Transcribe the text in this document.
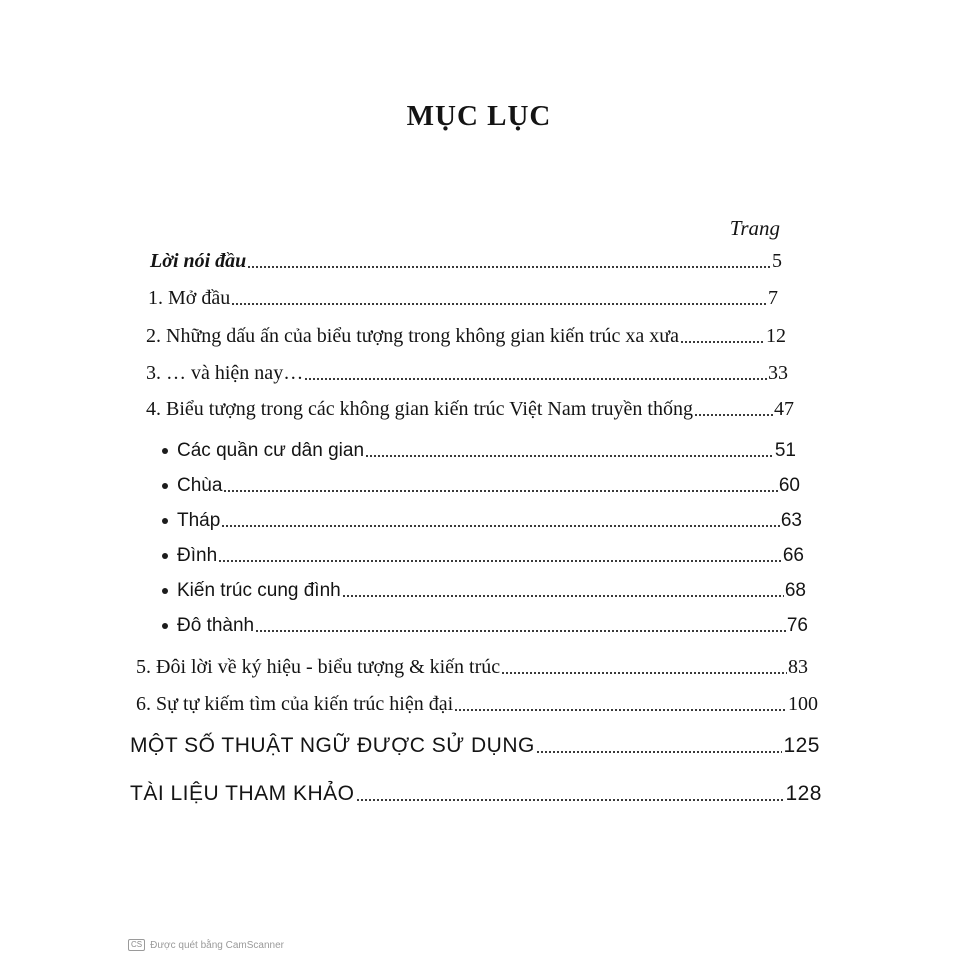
MỤC LỤC
Trang
Lời nói đầu	5
1. Mở đầu	7
2. Những dấu ấn của biểu tượng trong không gian kiến trúc xa xưa	12
3. … và hiện nay…	33
4. Biểu tượng trong các không gian kiến trúc Việt Nam truyền thống	47
Các quần cư dân gian	51
Chùa	60
Tháp	63
Đình	66
Kiến trúc cung đình	68
Đô thành	76
5. Đôi lời về ký hiệu - biểu tượng & kiến trúc	83
6. Sự tự kiếm tìm của kiến trúc hiện đại	100
MỘT SỐ THUẬT NGỮ ĐƯỢC SỬ DỤNG	125
TÀI LIỆU THAM KHẢO	128
CS Được quét bằng CamScanner
